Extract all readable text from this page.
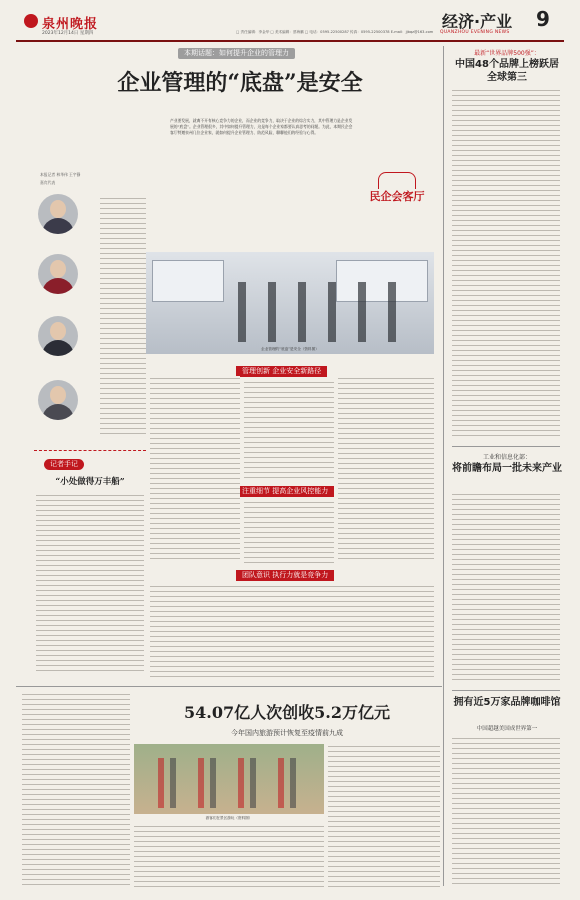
泉州晚报
2023年12月14日 星期四	□ 责任编辑：李金华 □ 美术编辑：蔡海鹏 □ 电话：0595-22500287 传真：0595-22500378 E-mail：jjbqz@163.com
经济·产业
QUANZHOU EVENING NEWS
9
本期话题：如何提升企业的管理力
企业管理的“底盘”是安全
产业要发展，就离不开有核心竞争力的企业，而企业的竞争力，取决于企业的综合实力，其中管理力是企业发展的“底盘”。企业管理很多，其中如何提升管理力，这是每个企业家都要认真思考的问题。为此，本期民企会客厅特邀泉州几位企业家，就如何提升企业管理力、防范风险，聊聊他们的经验与心得。
民企会客厅
本报记者 林华伟 王宇静
嘉宾代表
企业管理的“底盘”是安全（资料图）
管理创新 企业安全新路径
注重细节 提高企业风控能力
团队意识 执行力就是竞争力
记者手记
“小处做得万丰船”
最新“世界品牌500强”：
中国48个品牌上榜跃居全球第三
工业和信息化部：
将前瞻布局一批未来产业
拥有近5万家品牌咖啡馆
中国超越美国成世界第一
54.07亿人次创收5.2万亿元
今年国内旅游预计恢复至疫情前九成
游客们在景区游玩（资料图）
